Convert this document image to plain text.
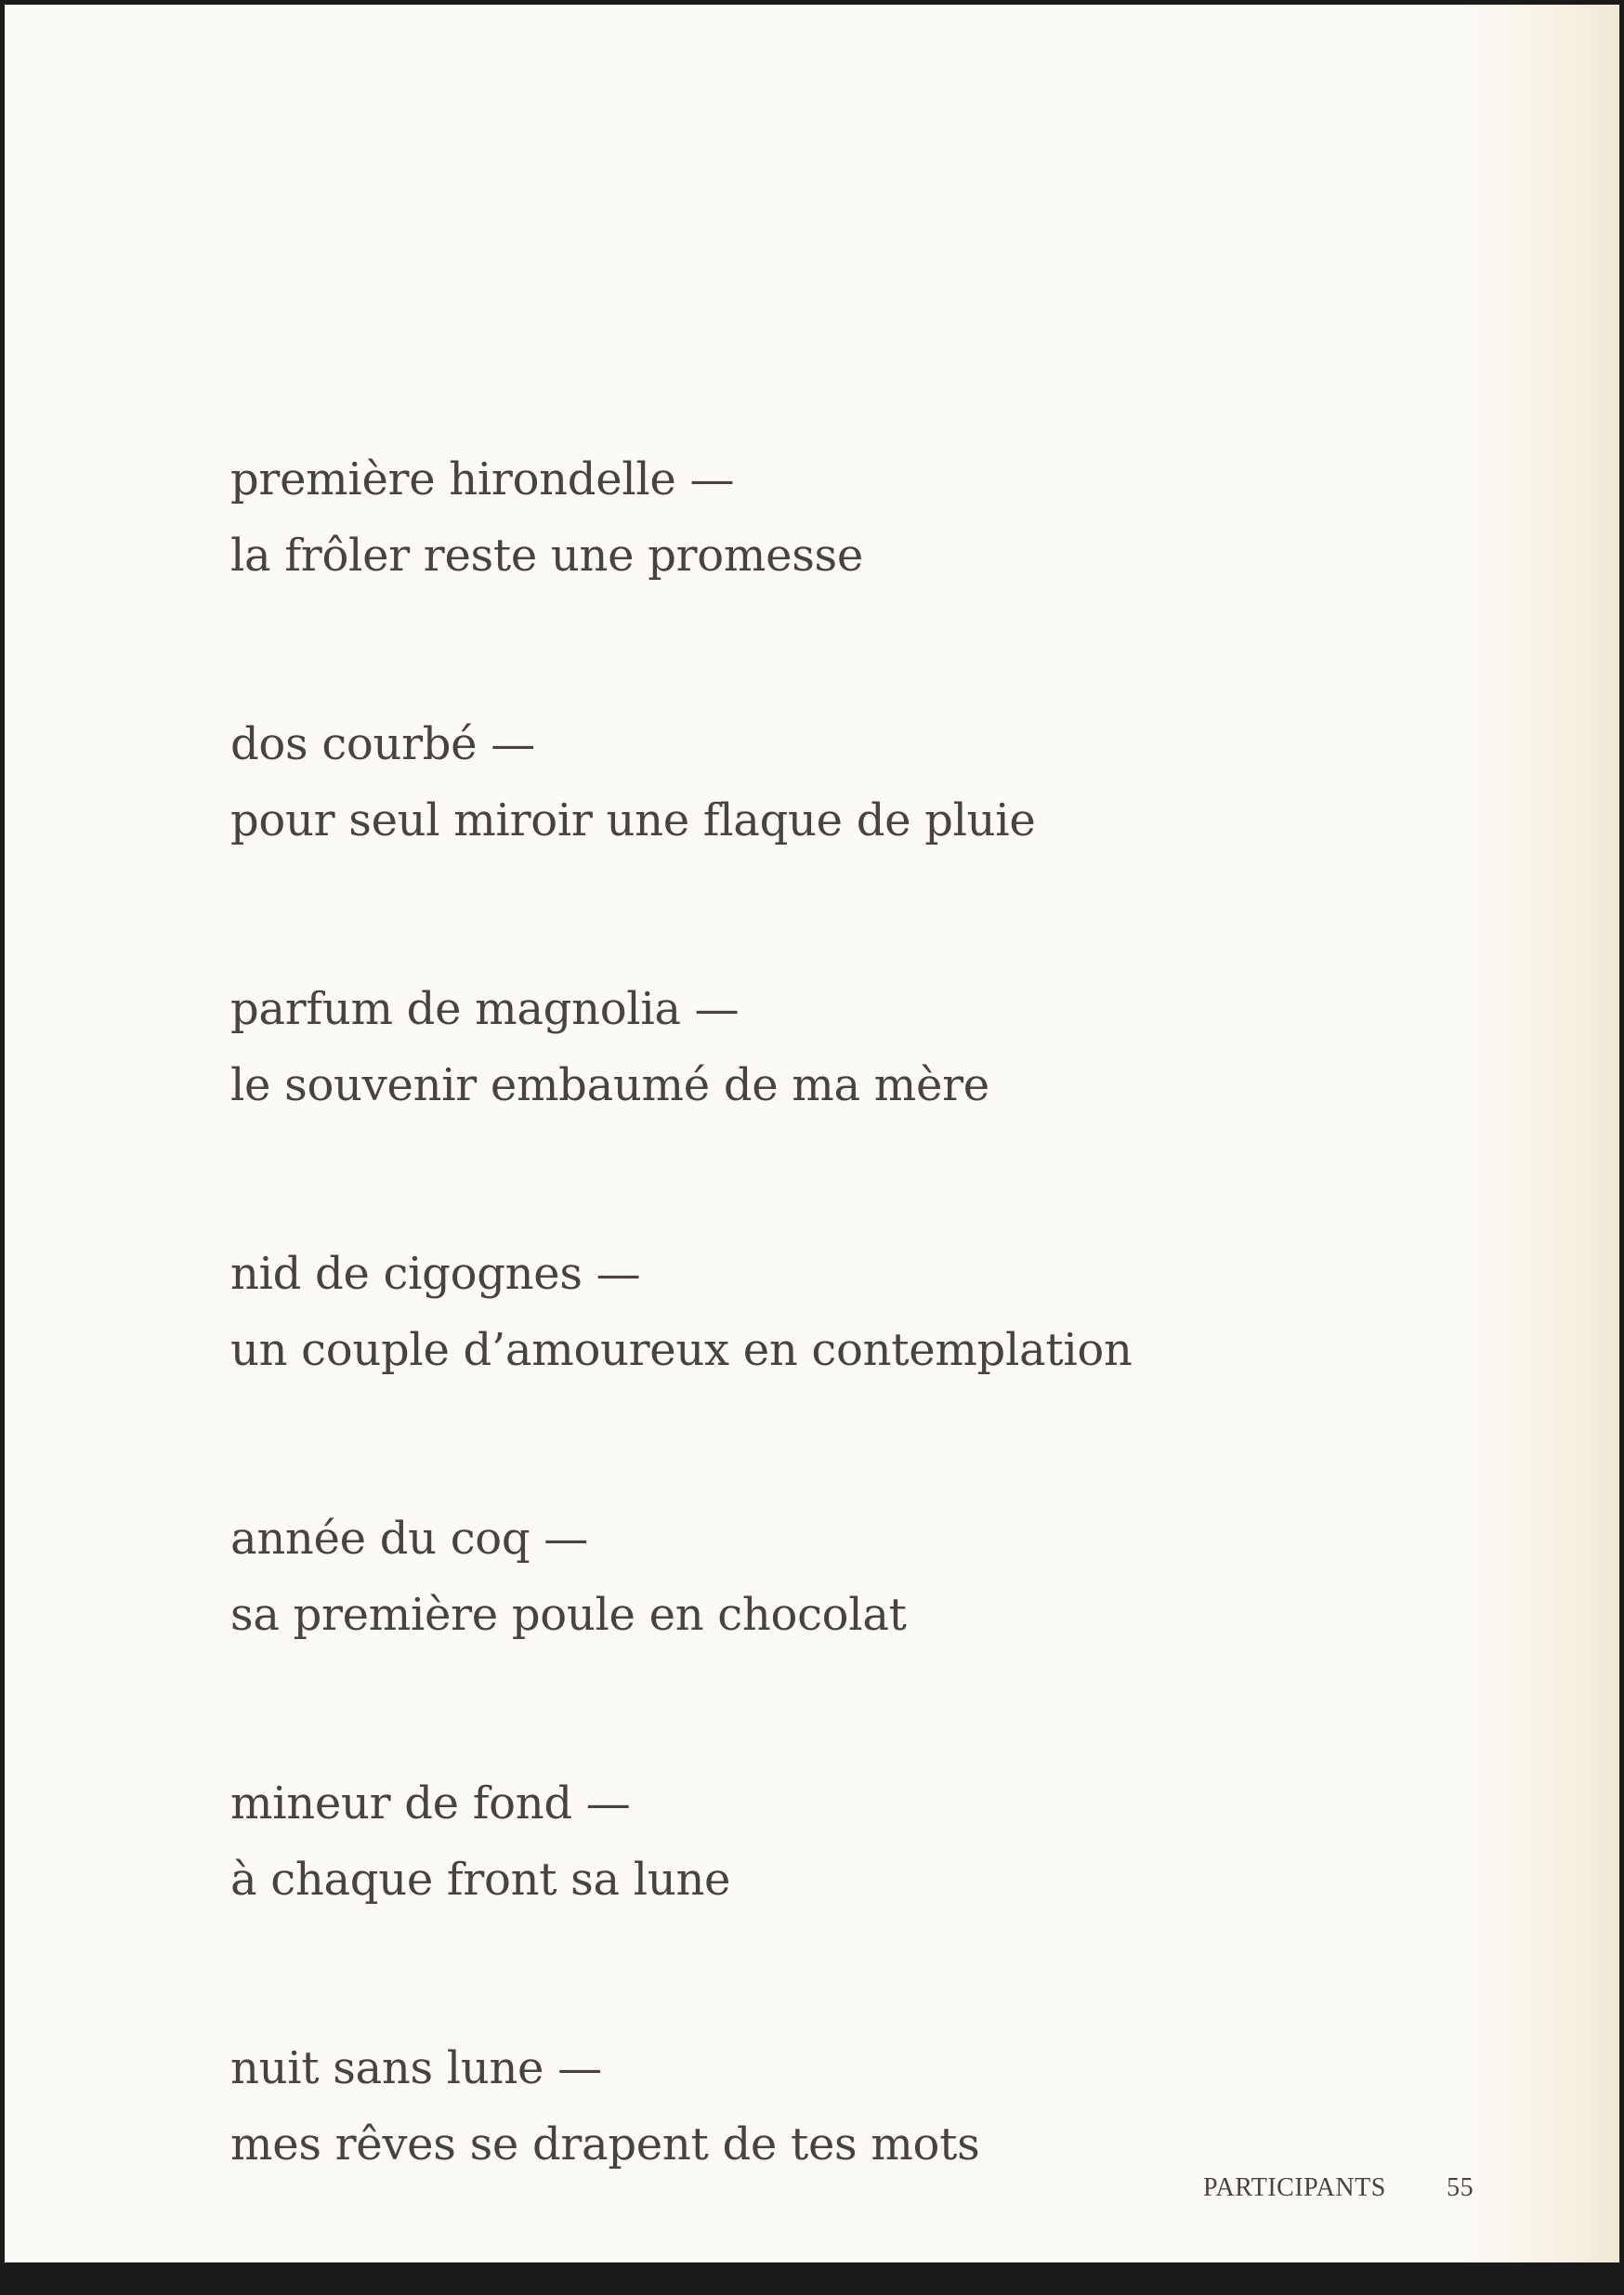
première hirondelle —
la frôler reste une promesse
dos courbé —
pour seul miroir une flaque de pluie
parfum de magnolia —
le souvenir embaumé de ma mère
nid de cigognes —
un couple d’amoureux en contemplation
année du coq —
sa première poule en chocolat
mineur de fond —
à chaque front sa lune
nuit sans lune —
mes rêves se drapent de tes mots
PARTICIPANTS 55
